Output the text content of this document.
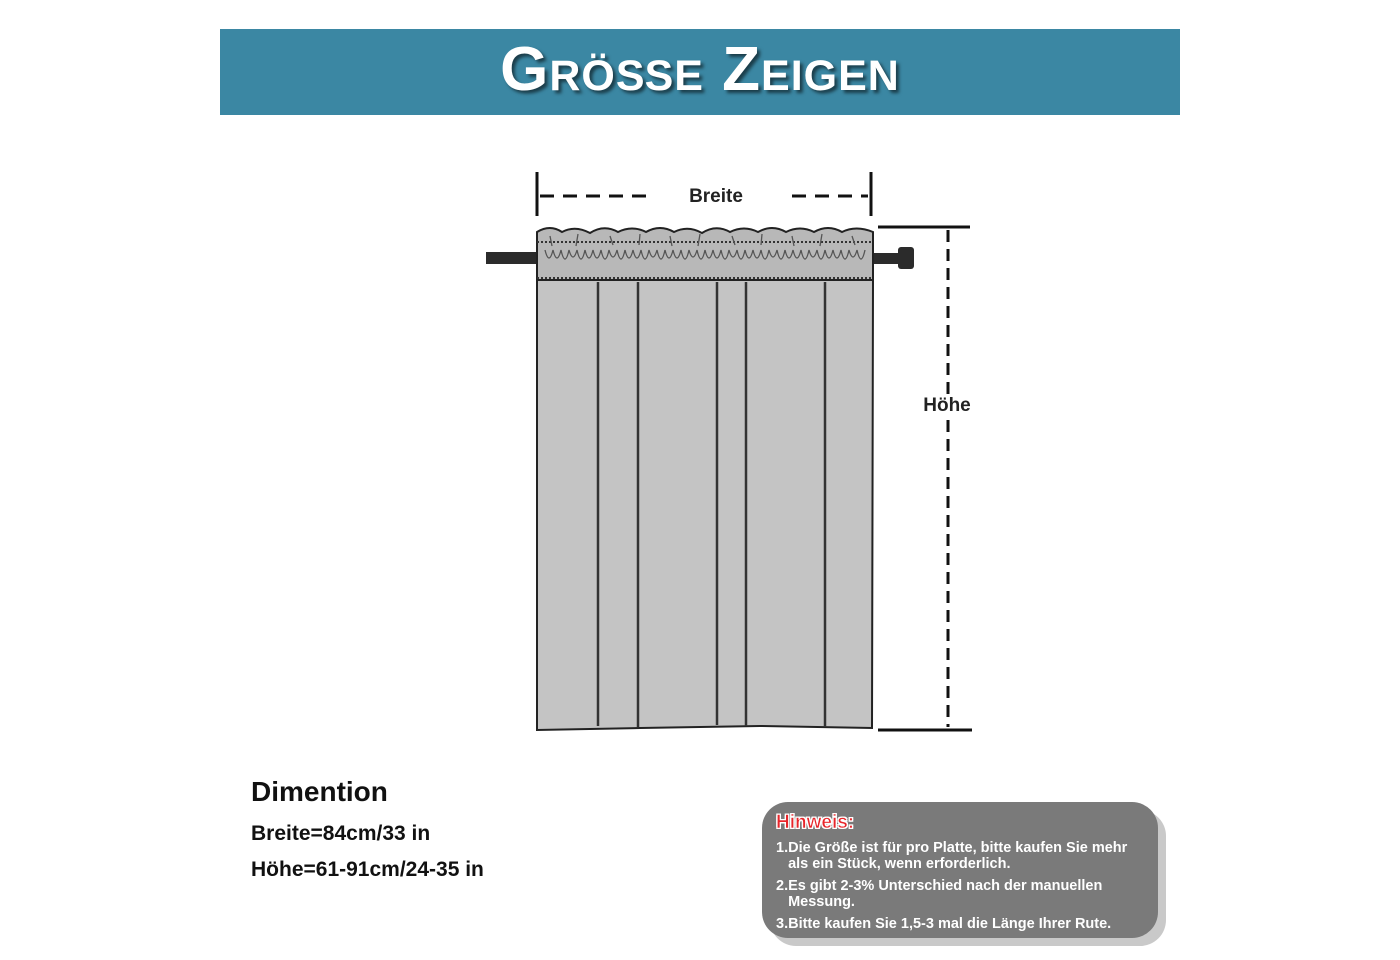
Größe Zeigen
Breite
Höhe
Dimention
Breite=84cm/33 in
Höhe=61-91cm/24-35 in
Hinweis:
1. Die Größe ist für pro Platte, bitte kaufen Sie mehr als ein Stück, wenn erforderlich.
2. Es gibt 2-3% Unterschied nach der manuellen Messung.
3. Bitte kaufen Sie 1,5-3 mal die Länge Ihrer Rute.
